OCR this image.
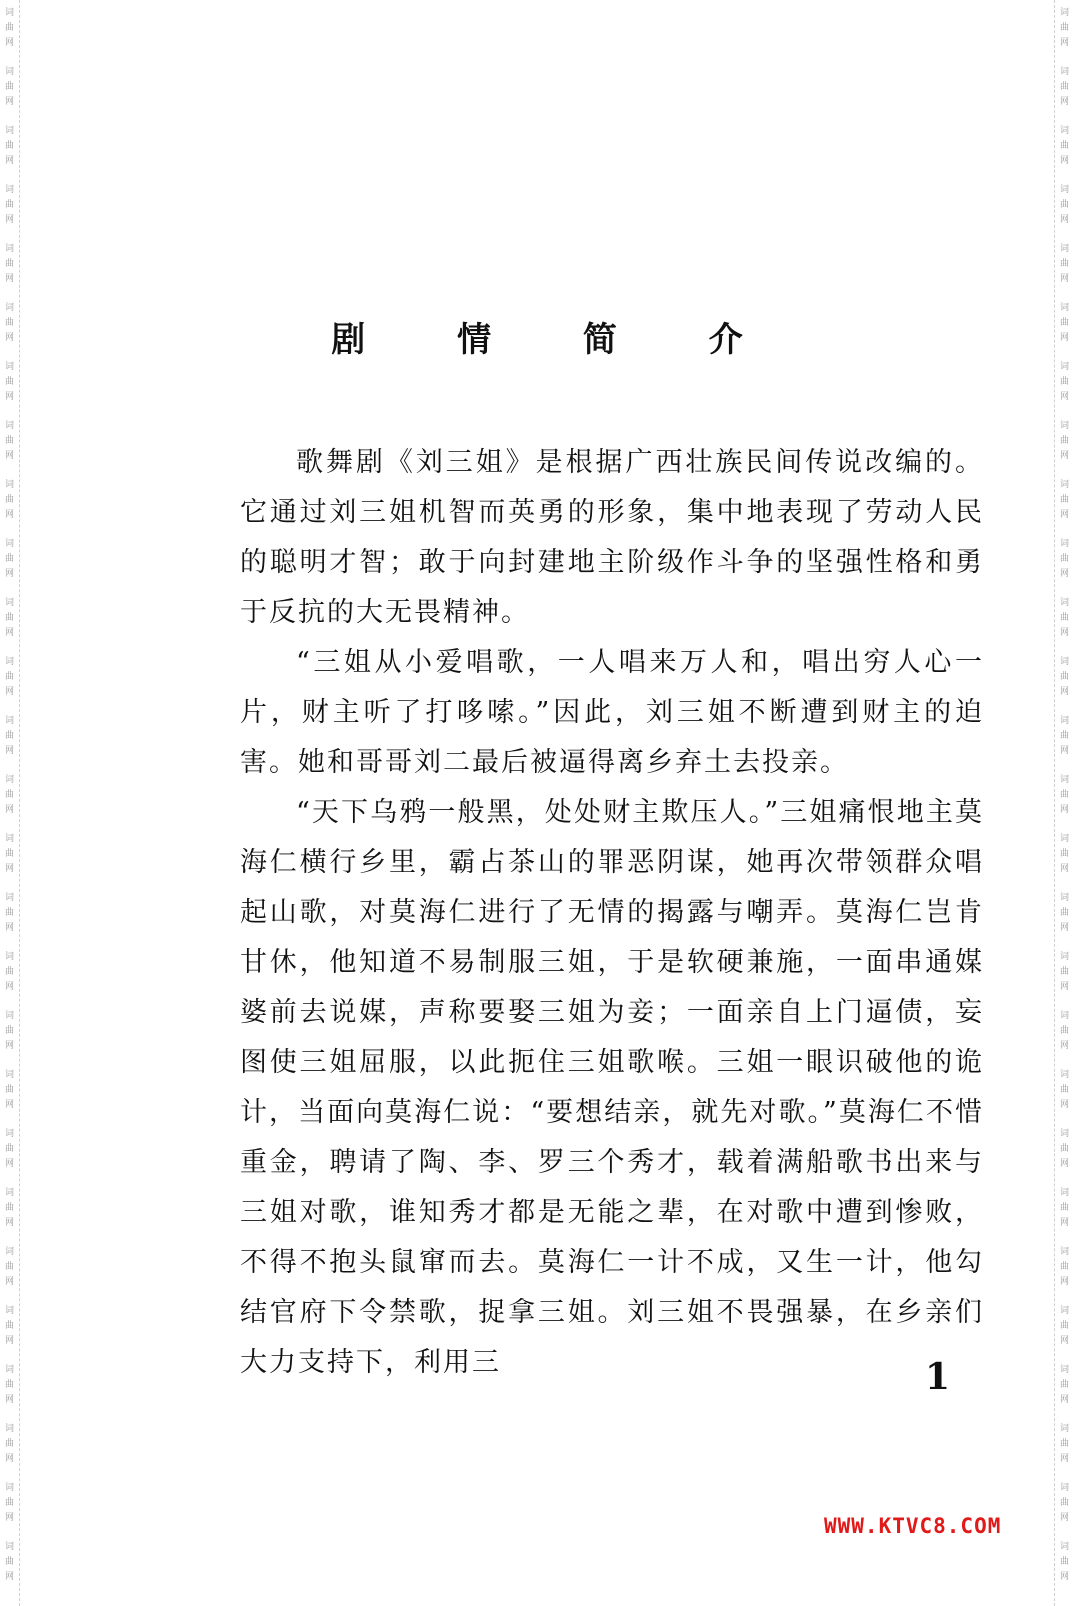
词
曲
网
词
曲
网
词
曲
网
词
曲
网
词
曲
网
词
曲
网
词
曲
网
词
曲
网
词
曲
网
词
曲
网
词
曲
网
词
曲
网
词
曲
网
词
曲
网
词
曲
网
词
曲
网
词
曲
网
词
曲
网
词
曲
网
词
曲
网
词
曲
网
词
曲
网
词
曲
网
词
曲
网
词
曲
网
词
曲
网
词
曲
网
词
曲
网
词
曲
网
词
曲
网
词
曲
网
词
曲
网
词
曲
网
词
曲
网
词
曲
网
词
曲
网
词
曲
网
词
曲
网
词
曲
网
词
曲
网
词
曲
网
词
曲
网
词
曲
网
词
曲
网
词
曲
网
词
曲
网
词
曲
网
词
曲
网
词
曲
网
词
曲
网
词
曲
网
词
曲
网
词
曲
网
词
曲
网
剧 情 简 介

歌舞剧《刘三姐》是根据广西壮族民间传说改编的。它通过刘三姐机智而英勇的形象，集中地表现了劳动人民的聪明才智；敢于向封建地主阶级作斗争的坚强性格和勇于反抗的大无畏精神。

“三姐从小爱唱歌，一人唱来万人和，唱出穷人心一片，财主听了打哆嗦。”因此，刘三姐不断遭到财主的迫害。她和哥哥刘二最后被逼得离乡弃土去投亲。

“天下乌鸦一般黑，处处财主欺压人。”三姐痛恨地主莫海仁横行乡里，霸占茶山的罪恶阴谋，她再次带领群众唱起山歌，对莫海仁进行了无情的揭露与嘲弄。莫海仁岂肯甘休，他知道不易制服三姐，于是软硬兼施，一面串通媒婆前去说媒，声称要娶三姐为妾；一面亲自上门逼债，妄图使三姐屈服，以此扼住三姐歌喉。三姐一眼识破他的诡计，当面向莫海仁说：“要想结亲，就先对歌。”莫海仁不惜重金，聘请了陶、李、罗三个秀才，载着满船歌书出来与三姐对歌，谁知秀才都是无能之辈，在对歌中遭到惨败，不得不抱头鼠窜而去。莫海仁一计不成，又生一计，他勾结官府下令禁歌，捉拿三姐。刘三姐不畏强暴，在乡亲们大力支持下，利用三	1
WWW.KTVC8.COM
